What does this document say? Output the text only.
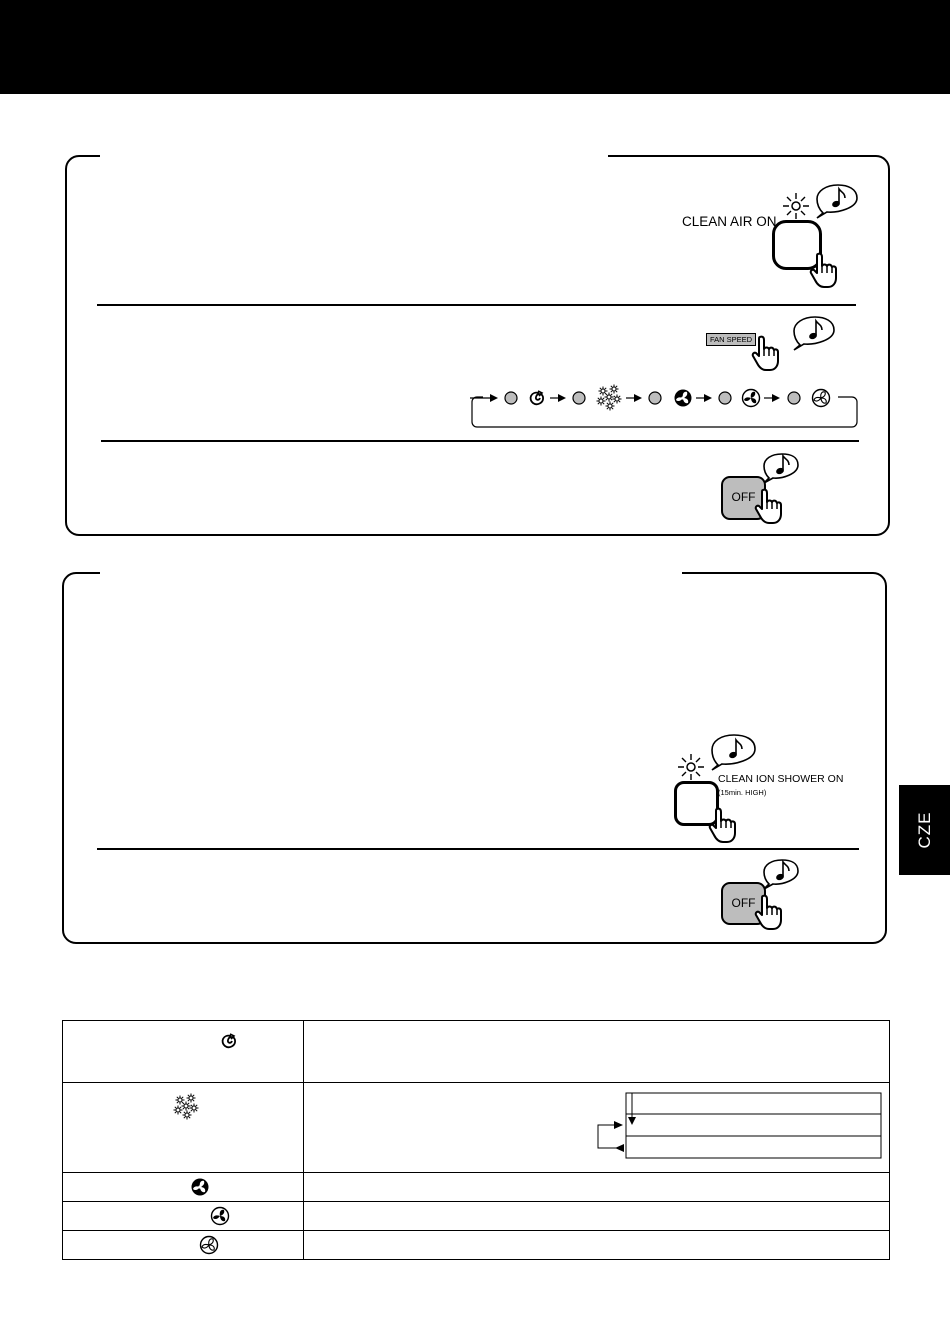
CLEAN AIR ON
FAN SPEED
OFF
CLEAN ION SHOWER ON
(15min. HIGH)
OFF
CZE
